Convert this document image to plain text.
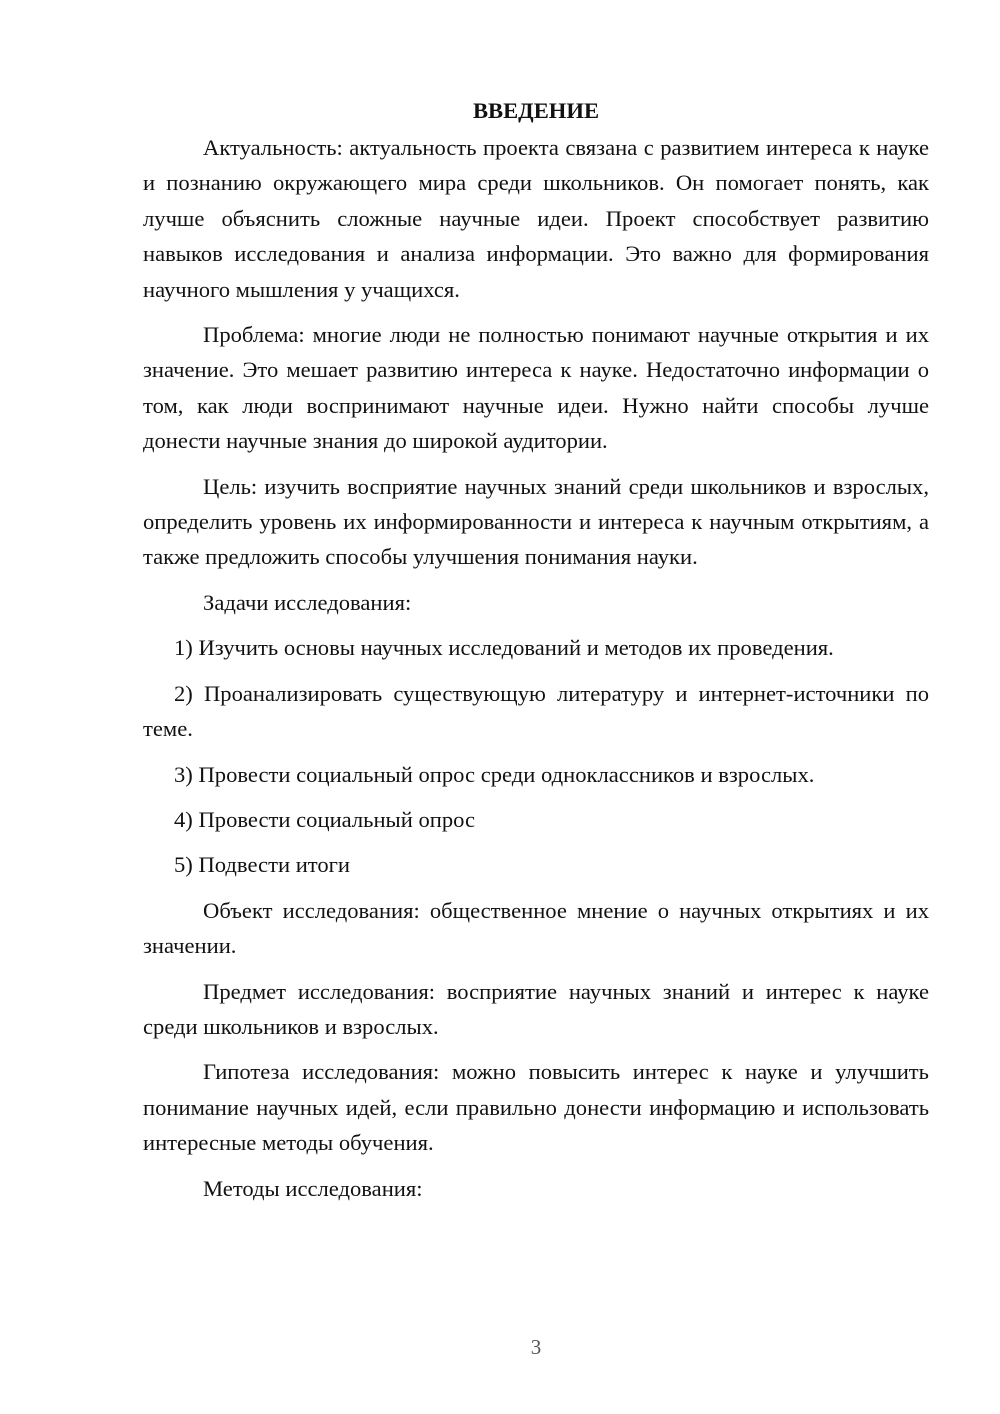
ВВЕДЕНИЕ

Актуальность: актуальность проекта связана с развитием интереса к науке и познанию окружающего мира среди школьников. Он помогает понять, как лучше объяснить сложные научные идеи. Проект способствует развитию навыков исследования и анализа информации. Это важно для формирования научного мышления у учащихся.

Проблема: многие люди не полностью понимают научные открытия и их значение. Это мешает развитию интереса к науке. Недостаточно информации о том, как люди воспринимают научные идеи. Нужно найти способы лучше донести научные знания до широкой аудитории.

Цель: изучить восприятие научных знаний среди школьников и взрослых, определить уровень их информированности и интереса к научным открытиям, а также предложить способы улучшения понимания науки.

Задачи исследования:

1) Изучить основы научных исследований и методов их проведения.

2) Проанализировать существующую литературу и интернет-источники по теме.

3) Провести социальный опрос среди одноклассников и взрослых.

4) Провести социальный опрос

5) Подвести итоги

Объект исследования: общественное мнение о научных открытиях и их значении.

Предмет исследования: восприятие научных знаний и интерес к науке среди школьников и взрослых.

Гипотеза исследования: можно повысить интерес к науке и улучшить понимание научных идей, если правильно донести информацию и использовать интересные методы обучения.

Методы исследования:

3
